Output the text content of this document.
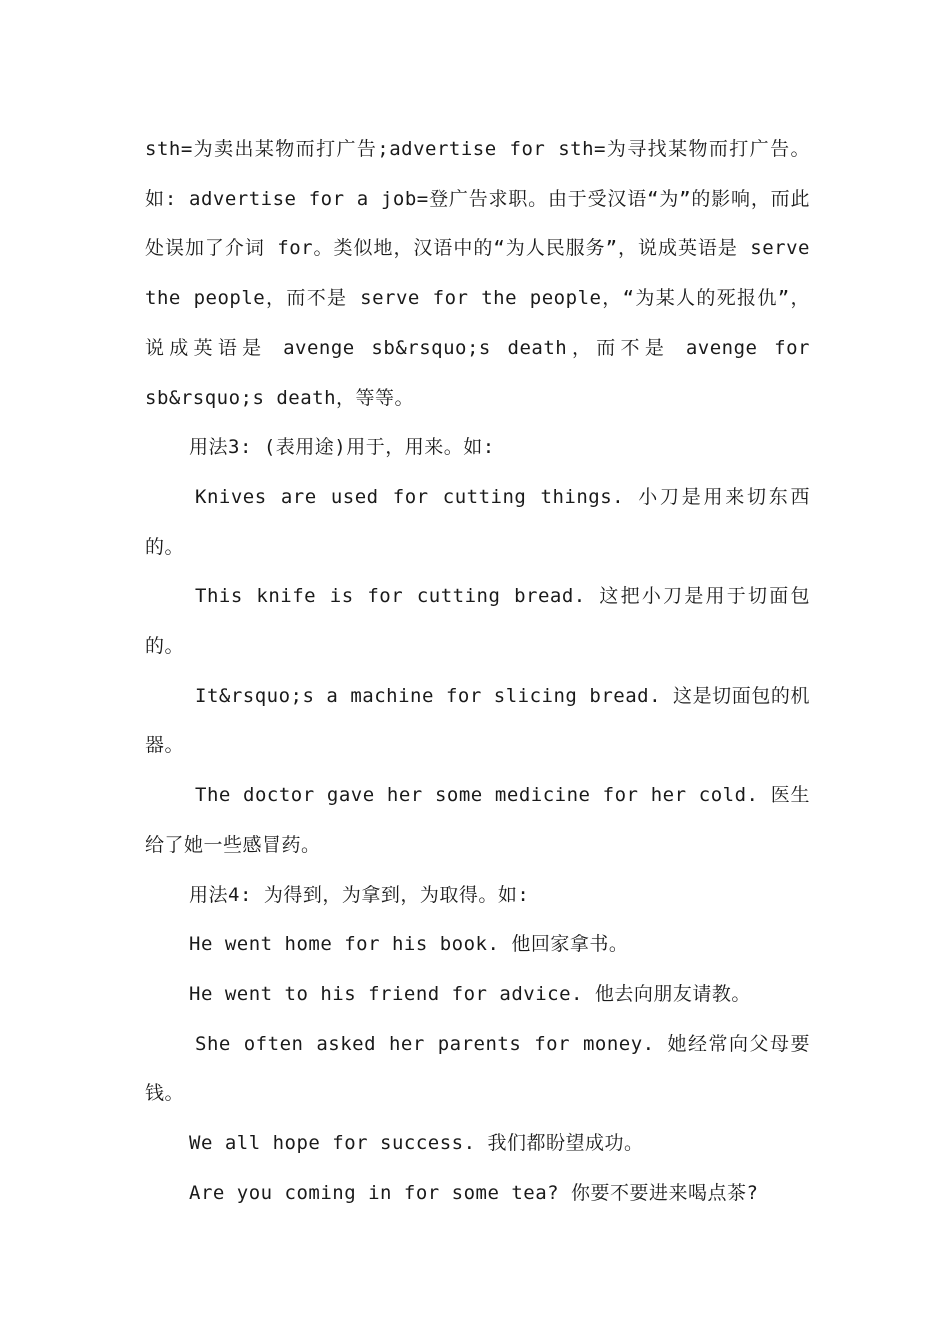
sth=为卖出某物而打广告;advertise for sth=为寻找某物而打广告。如: advertise for a job=登广告求职。由于受汉语“为”的影响，而此处误加了介词 for。类似地，汉语中的“为人民服务”，说成英语是 serve the people，而不是 serve for the people，“为某人的死报仇”，说成英语是 avenge sb&rsquo;s death，而不是 avenge for sb&rsquo;s death，等等。

用法3: (表用途)用于，用来。如:

Knives are used for cutting things. 小刀是用来切东西的。

This knife is for cutting bread. 这把小刀是用于切面包的。

It&rsquo;s a machine for slicing bread. 这是切面包的机器。

The doctor gave her some medicine for her cold. 医生给了她一些感冒药。

用法4: 为得到，为拿到，为取得。如:

He went home for his book. 他回家拿书。

He went to his friend for advice. 他去向朋友请教。

She often asked her parents for money. 她经常向父母要钱。

We all hope for success. 我们都盼望成功。

Are you coming in for some tea? 你要不要进来喝点茶?
